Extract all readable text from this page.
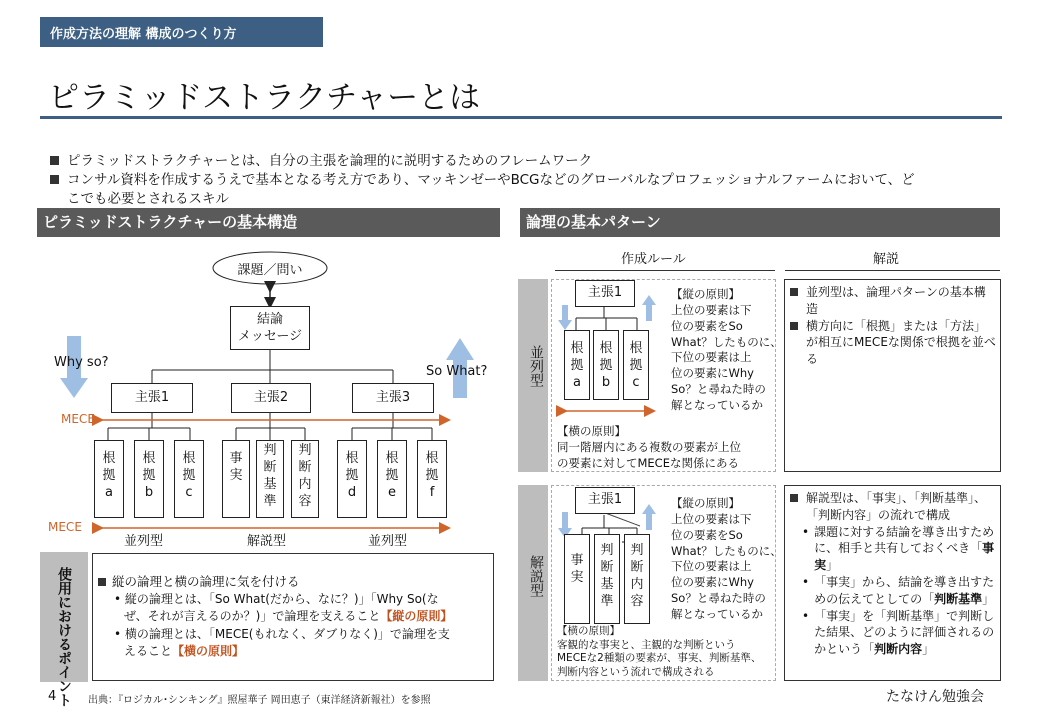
作成方法の理解 構成のつくり方
ピラミッドストラクチャーとは
ピラミッドストラクチャーとは、自分の主張を論理的に説明するためのフレームワーク
コンサル資料を作成するうえで基本となる考え方であり、マッキンゼーやBCGなどのグローバルなプロフェッショナルファームにおいて、ど
こでも必要とされるスキル
ピラミッドストラクチャーの基本構造
課題／問い
結論
メッセージ
Why so?
So What?
主張1	主張2	主張3
MECE
MECE
根
拠
a
根
拠
b
根
拠
c
事
実
判
断
基
準
判
断
内
容
根
拠
d
根
拠
e
根
拠
f
並列型	解説型	並列型
使用におけるポイント	縦の論理と横の論理に気を付ける
• 縦の論理とは、「So What(だから、なに？)」「Why So(な
ぜ、それが言えるのか？)」で論理を支えること【縦の原則】
• 横の論理とは、「MECE(もれなく、ダブりなく)」で論理を支
えること【横の原則】
論理の基本パターン
作成ルール	解説
並列型
解説型
主張1
根
拠
a
根
拠
b
根
拠
c
【縦の原則】
上位の要素は下
位の要素をSo
What？したものに、
下位の要素は上
位の要素にWhy
So？と尋ねた時の
解となっているか
【横の原則】
同一階層内にある複数の要素が上位
の要素に対してMECEな関係にある
主張1
事
実
判
断
基
準
判
断
内
容
【縦の原則】
上位の要素は下
位の要素をSo
What？したものに、
下位の要素は上
位の要素にWhy
So？と尋ねた時の
解となっているか
【横の原則】
客観的な事実と、主観的な判断という
MECEな2種類の要素が、事実、判断基準、
判断内容という流れで構成される
並列型は、論理パターンの基本構造
横方向に「根拠」または「方法」が相互にMECEな関係で根拠を並べる
解説型は、「事実」、「判断基準」、「判断内容」の流れで構成
• 課題に対する結論を導き出すために、相手と共有しておくべき「事実」
• 「事実」から、結論を導き出すための伝えてとしての「判断基準」
• 「事実」を「判断基準」で判断した結果、どのように評価されるのかという「判断内容」
4	出典：『ロジカル･シンキング』照屋華子 岡田恵子（東洋経済新報社）を参照	たなけん勉強会
